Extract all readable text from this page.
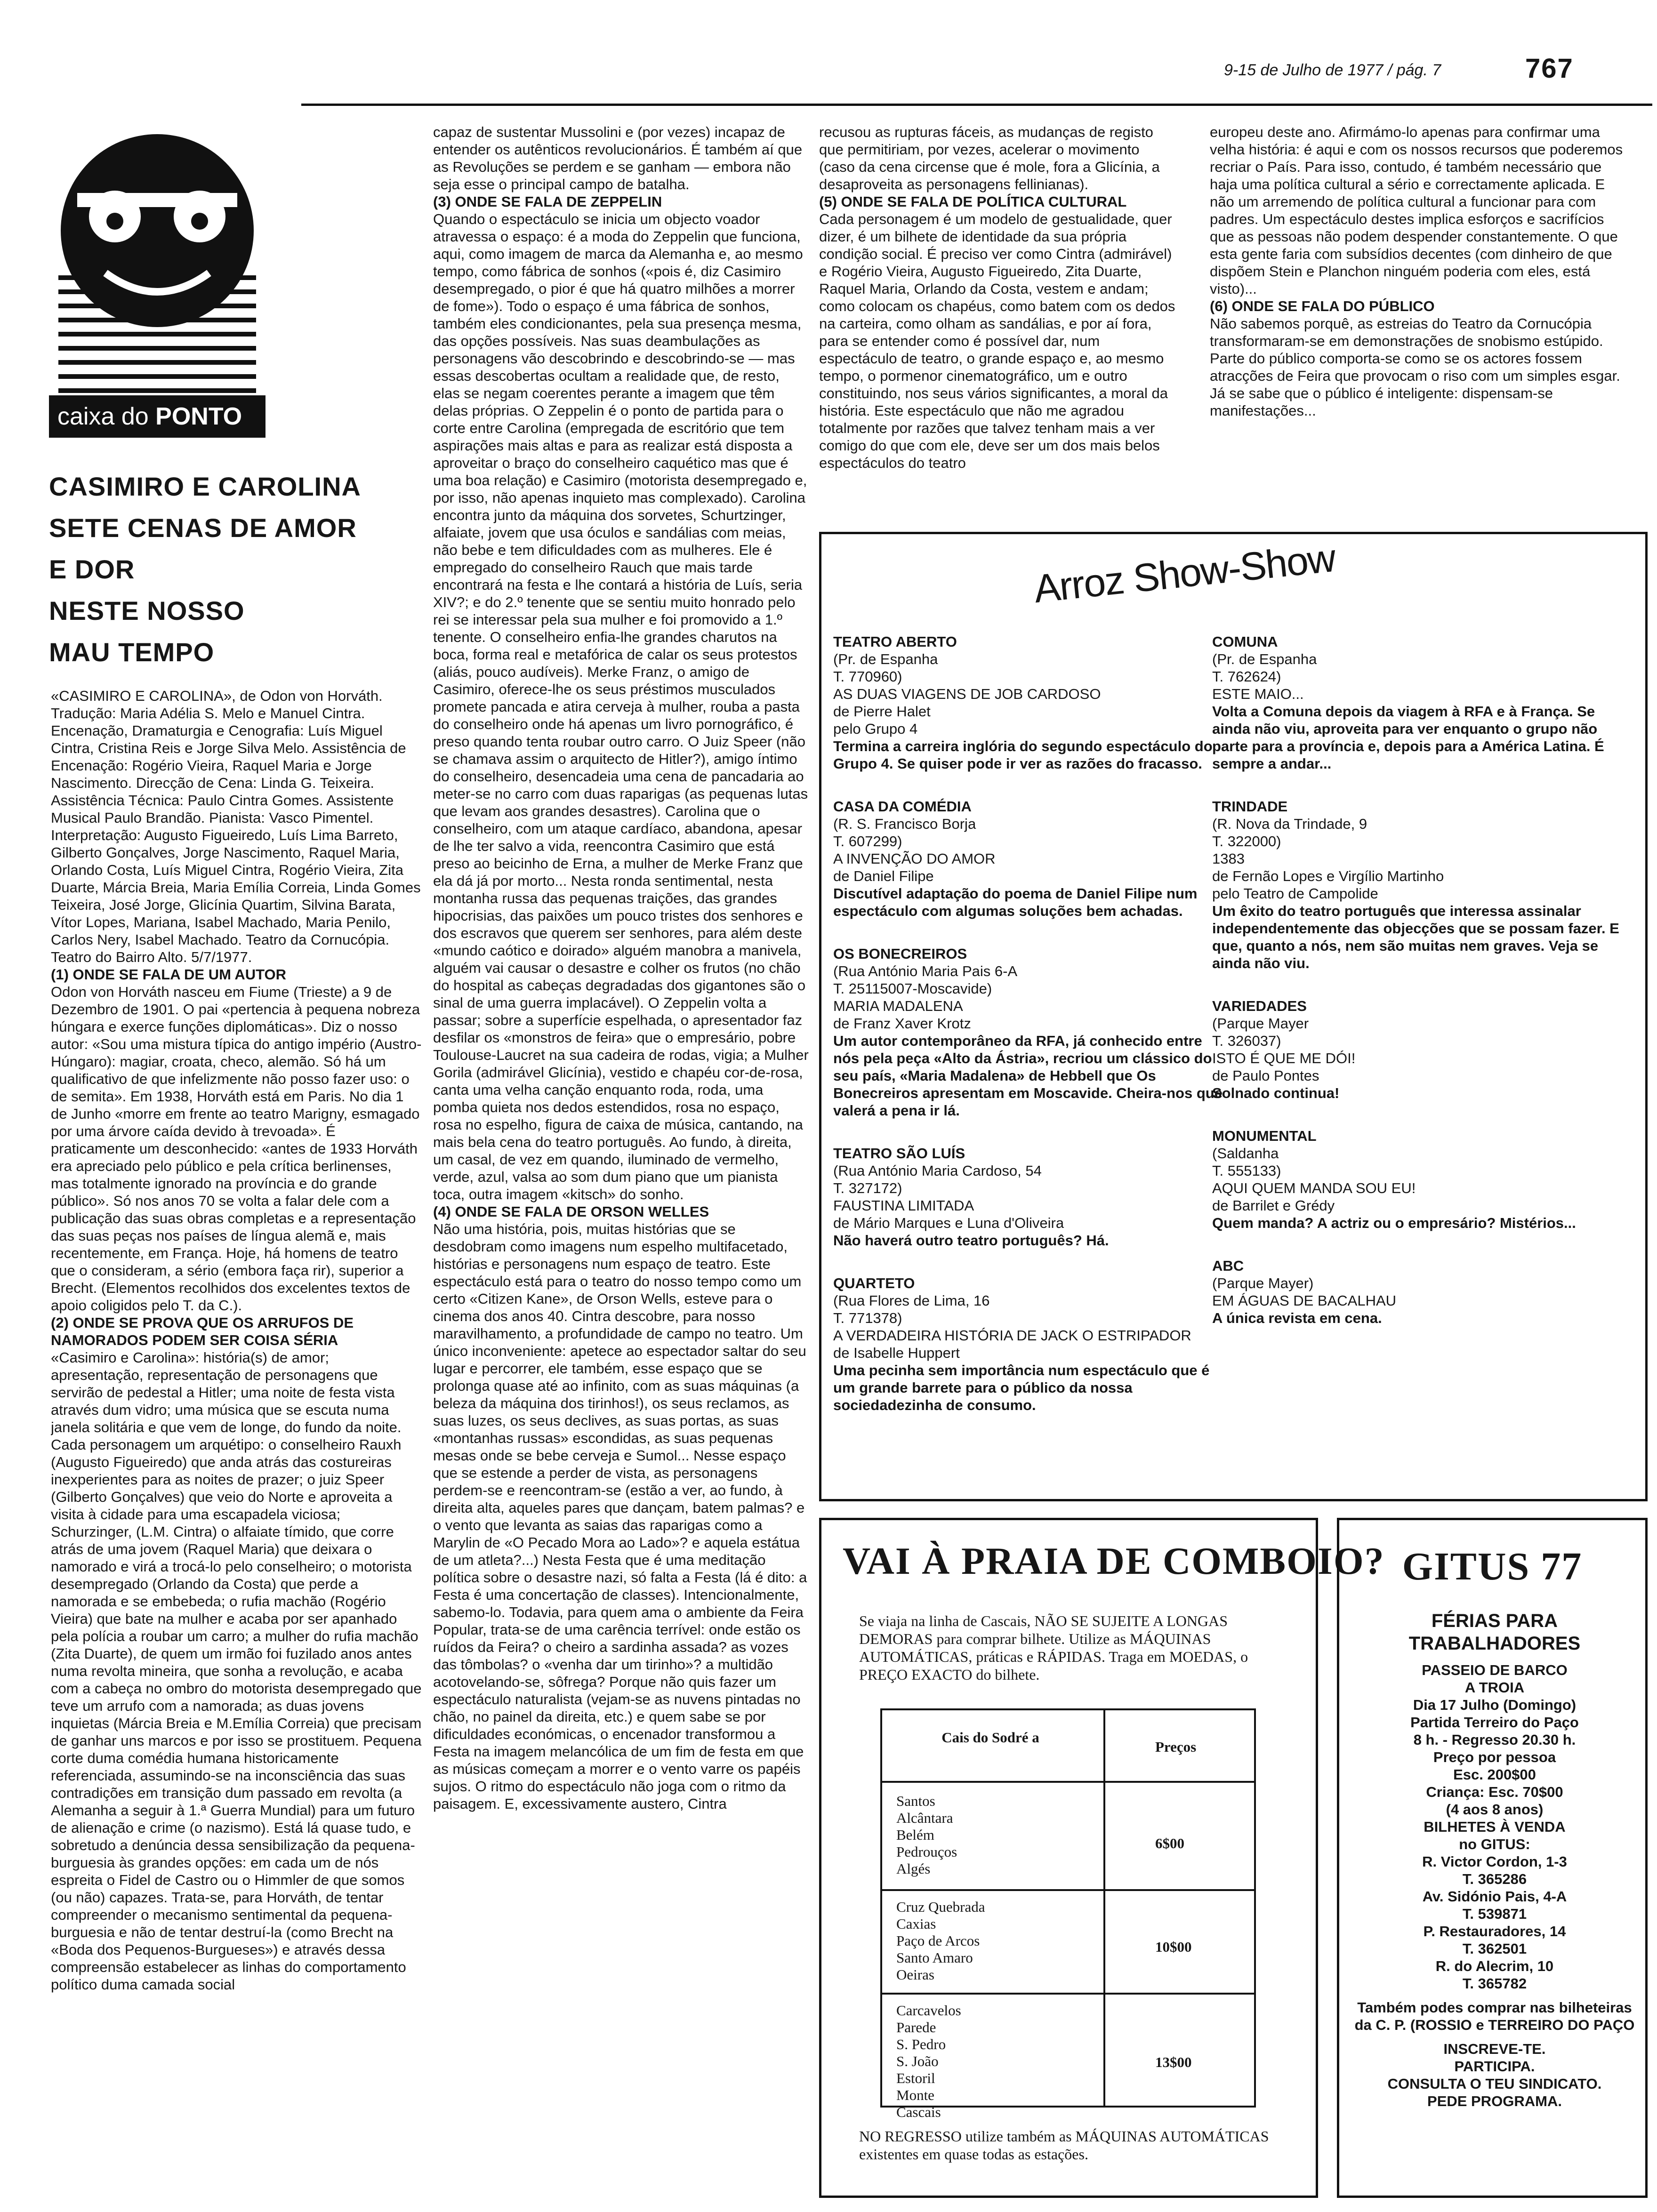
9-15 de Julho de 1977 / pág. 7	767
caixa do PONTO
CASIMIRO E CAROLINA
SETE CENAS DE AMOR
E DOR
NESTE NOSSO
MAU TEMPO

«CASIMIRO E CAROLINA», de Odon von Horváth. Tradução: Maria Adélia S. Melo e Manuel Cintra. Encenação, Dramaturgia e Cenografia: Luís Miguel Cintra, Cristina Reis e Jorge Silva Melo. Assistência de Encenação: Rogério Vieira, Raquel Maria e Jorge Nascimento. Direcção de Cena: Linda G. Teixeira. Assistência Técnica: Paulo Cintra Gomes. Assistente Musical Paulo Brandão. Pianista: Vasco Pimentel. Interpretação: Augusto Figueiredo, Luís Lima Barreto, Gilberto Gonçalves, Jorge Nascimento, Raquel Maria, Orlando Costa, Luís Miguel Cintra, Rogério Vieira, Zita Duarte, Márcia Breia, Maria Emília Correia, Linda Gomes Teixeira, José Jorge, Glicínia Quartim, Silvina Barata, Vítor Lopes, Mariana, Isabel Machado, Maria Penilo, Carlos Nery, Isabel Machado. Teatro da Cornucópia. Teatro do Bairro Alto. 5/7/1977.

(1) ONDE SE FALA DE UM AUTOR

Odon von Horváth nasceu em Fiume (Trieste) a 9 de Dezembro de 1901. O pai «pertencia à pequena nobreza húngara e exerce funções diplomáticas». Diz o nosso autor: «Sou uma mistura típica do antigo império (Austro-Húngaro): magiar, croata, checo, alemão. Só há um qualificativo de que infelizmente não posso fazer uso: o de semita». Em 1938, Horváth está em Paris. No dia 1 de Junho «morre em frente ao teatro Marigny, esmagado por uma árvore caída devido à trevoada». É praticamente um desconhecido: «antes de 1933 Horváth era apreciado pelo público e pela crítica berlinenses, mas totalmente ignorado na província e do grande público». Só nos anos 70 se volta a falar dele com a publicação das suas obras completas e a representação das suas peças nos países de língua alemã e, mais recentemente, em França. Hoje, há homens de teatro que o consideram, a sério (embora faça rir), superior a Brecht. (Elementos recolhidos dos excelentes textos de apoio coligidos pelo T. da C.).

(2) ONDE SE PROVA QUE OS ARRUFOS DE NAMORADOS PODEM SER COISA SÉRIA

«Casimiro e Carolina»: história(s) de amor; apresentação, representação de personagens que servirão de pedestal a Hitler; uma noite de festa vista através dum vidro; uma música que se escuta numa janela solitária e que vem de longe, do fundo da noite. Cada personagem um arquétipo: o conselheiro Rauxh (Augusto Figueiredo) que anda atrás das costureiras inexperientes para as noites de prazer; o juiz Speer (Gilberto Gonçalves) que veio do Norte e aproveita a visita à cidade para uma escapadela viciosa; Schurzinger, (L.M. Cintra) o alfaiate tímido, que corre atrás de uma jovem (Raquel Maria) que deixara o namorado e virá a trocá-lo pelo conselheiro; o motorista desempregado (Orlando da Costa) que perde a namorada e se embebeda; o rufia machão (Rogério Vieira) que bate na mulher e acaba por ser apanhado pela polícia a roubar um carro; a mulher do rufia machão (Zita Duarte), de quem um irmão foi fuzilado anos antes numa revolta mineira, que sonha a revolução, e acaba com a cabeça no ombro do motorista desempregado que teve um arrufo com a namorada; as duas jovens inquietas (Márcia Breia e M.Emília Correia) que precisam de ganhar uns marcos e por isso se prostituem. Pequena corte duma comédia humana historicamente referenciada, assumindo-se na inconsciência das suas contradições em transição dum passado em revolta (a Alemanha a seguir à 1.ª Guerra Mundial) para um futuro de alienação e crime (o nazismo). Está lá quase tudo, e sobretudo a denúncia dessa sensibilização da pequena-burguesia às grandes opções: em cada um de nós espreita o Fidel de Castro ou o Himmler de que somos (ou não) capazes. Trata-se, para Horváth, de tentar compreender o mecanismo sentimental da pequena-burguesia e não de tentar destruí-la (como Brecht na «Boda dos Pequenos-Burgueses») e através dessa compreensão estabelecer as linhas do comportamento político duma camada social

capaz de sustentar Mussolini e (por vezes) incapaz de entender os autênticos revolucionários. É também aí que as Revoluções se perdem e se ganham — embora não seja esse o principal campo de batalha.

(3) ONDE SE FALA DE ZEPPELIN

Quando o espectáculo se inicia um objecto voador atravessa o espaço: é a moda do Zeppelin que funciona, aqui, como imagem de marca da Alemanha e, ao mesmo tempo, como fábrica de sonhos («pois é, diz Casimiro desempregado, o pior é que há quatro milhões a morrer de fome»). Todo o espaço é uma fábrica de sonhos, também eles condicionantes, pela sua presença mesma, das opções possíveis. Nas suas deambulações as personagens vão descobrindo e descobrindo-se — mas essas descobertas ocultam a realidade que, de resto, elas se negam coerentes perante a imagem que têm delas próprias. O Zeppelin é o ponto de partida para o corte entre Carolina (empregada de escritório que tem aspirações mais altas e para as realizar está disposta a aproveitar o braço do conselheiro caquético mas que é uma boa relação) e Casimiro (motorista desempregado e, por isso, não apenas inquieto mas complexado). Carolina encontra junto da máquina dos sorvetes, Schurtzinger, alfaiate, jovem que usa óculos e sandálias com meias, não bebe e tem dificuldades com as mulheres. Ele é empregado do conselheiro Rauch que mais tarde encontrará na festa e lhe contará a história de Luís, seria XIV?; e do 2.º tenente que se sentiu muito honrado pelo rei se interessar pela sua mulher e foi promovido a 1.º tenente. O conselheiro enfia-lhe grandes charutos na boca, forma real e metafórica de calar os seus protestos (aliás, pouco audíveis). Merke Franz, o amigo de Casimiro, oferece-lhe os seus préstimos musculados promete pancada e atira cerveja à mulher, rouba a pasta do conselheiro onde há apenas um livro pornográfico, é preso quando tenta roubar outro carro. O Juiz Speer (não se chamava assim o arquitecto de Hitler?), amigo íntimo do conselheiro, desencadeia uma cena de pancadaria ao meter-se no carro com duas raparigas (as pequenas lutas que levam aos grandes desastres). Carolina que o conselheiro, com um ataque cardíaco, abandona, apesar de lhe ter salvo a vida, reencontra Casimiro que está preso ao beicinho de Erna, a mulher de Merke Franz que ela dá já por morto... Nesta ronda sentimental, nesta montanha russa das pequenas traições, das grandes hipocrisias, das paixões um pouco tristes dos senhores e dos escravos que querem ser senhores, para além deste «mundo caótico e doirado» alguém manobra a manivela, alguém vai causar o desastre e colher os frutos (no chão do hospital as cabeças degradadas dos gigantones são o sinal de uma guerra implacável). O Zeppelin volta a passar; sobre a superfície espelhada, o apresentador faz desfilar os «monstros de feira» que o empresário, pobre Toulouse-Laucret na sua cadeira de rodas, vigia; a Mulher Gorila (admirável Glicínia), vestido e chapéu cor-de-rosa, canta uma velha canção enquanto roda, roda, uma pomba quieta nos dedos estendidos, rosa no espaço, rosa no espelho, figura de caixa de música, cantando, na mais bela cena do teatro português. Ao fundo, à direita, um casal, de vez em quando, iluminado de vermelho, verde, azul, valsa ao som dum piano que um pianista toca, outra imagem «kitsch» do sonho.

(4) ONDE SE FALA DE ORSON WELLES

Não uma história, pois, muitas histórias que se desdobram como imagens num espelho multifacetado, histórias e personagens num espaço de teatro. Este espectáculo está para o teatro do nosso tempo como um certo «Citizen Kane», de Orson Wells, esteve para o cinema dos anos 40. Cintra descobre, para nosso maravilhamento, a profundidade de campo no teatro. Um único inconveniente: apetece ao espectador saltar do seu lugar e percorrer, ele também, esse espaço que se prolonga quase até ao infinito, com as suas máquinas (a beleza da máquina dos tirinhos!), os seus reclamos, as suas luzes, os seus declives, as suas portas, as suas «montanhas russas» escondidas, as suas pequenas mesas onde se bebe cerveja e Sumol... Nesse espaço que se estende a perder de vista, as personagens perdem-se e reencontram-se (estão a ver, ao fundo, à direita alta, aqueles pares que dançam, batem palmas? e o vento que levanta as saias das raparigas como a Marylin de «O Pecado Mora ao Lado»? e aquela estátua de um atleta?...) Nesta Festa que é uma meditação política sobre o desastre nazi, só falta a Festa (lá é dito: a Festa é uma concertação de classes). Intencionalmente, sabemo-lo. Todavia, para quem ama o ambiente da Feira Popular, trata-se de uma carência terrível: onde estão os ruídos da Feira? o cheiro a sardinha assada? as vozes das tômbolas? o «venha dar um tirinho»? a multidão acotovelando-se, sôfrega? Porque não quis fazer um espectáculo naturalista (vejam-se as nuvens pintadas no chão, no painel da direita, etc.) e quem sabe se por dificuldades económicas, o encenador transformou a Festa na imagem melancólica de um fim de festa em que as músicas começam a morrer e o vento varre os papéis sujos. O ritmo do espectáculo não joga com o ritmo da paisagem. E, excessivamente austero, Cintra

recusou as rupturas fáceis, as mudanças de registo que permitiriam, por vezes, acelerar o movimento (caso da cena circense que é mole, fora a Glicínia, a desaproveita as personagens fellinianas).

(5) ONDE SE FALA DE POLÍTICA CULTURAL

Cada personagem é um modelo de gestualidade, quer dizer, é um bilhete de identidade da sua própria condição social. É preciso ver como Cintra (admirável) e Rogério Vieira, Augusto Figueiredo, Zita Duarte, Raquel Maria, Orlando da Costa, vestem e andam; como colocam os chapéus, como batem com os dedos na carteira, como olham as sandálias, e por aí fora, para se entender como é possível dar, num espectáculo de teatro, o grande espaço e, ao mesmo tempo, o pormenor cinematográfico, um e outro constituindo, nos seus vários significantes, a moral da história. Este espectáculo que não me agradou totalmente por razões que talvez tenham mais a ver comigo do que com ele, deve ser um dos mais belos espectáculos do teatro

europeu deste ano. Afirmámo-lo apenas para confirmar uma velha história: é aqui e com os nossos recursos que poderemos recriar o País. Para isso, contudo, é também necessário que haja uma política cultural a sério e correctamente aplicada. E não um arremendo de política cultural a funcionar para com padres. Um espectáculo destes implica esforços e sacrifícios que as pessoas não podem despender constantemente. O que esta gente faria com subsídios decentes (com dinheiro de que dispõem Stein e Planchon ninguém poderia com eles, está visto)...

(6) ONDE SE FALA DO PÚBLICO

Não sabemos porquê, as estreias do Teatro da Cornucópia transformaram-se em demonstrações de snobismo estúpido. Parte do público comporta-se como se os actores fossem atracções de Feira que provocam o riso com um simples esgar. Já se sabe que o público é inteligente: dispensam-se manifestações...

Arroz Show-Show
TEATRO ABERTO
(Pr. de Espanha
T. 770960)
AS DUAS VIAGENS DE JOB CARDOSO
de Pierre Halet
pelo Grupo 4
Termina a carreira inglória do segundo espectáculo do Grupo 4. Se quiser pode ir ver as razões do fracasso.
CASA DA COMÉDIA
(R. S. Francisco Borja
T. 607299)
A INVENÇÃO DO AMOR
de Daniel Filipe
Discutível adaptação do poema de Daniel Filipe num espectáculo com algumas soluções bem achadas.
OS BONECREIROS
(Rua António Maria Pais 6-A
T. 25115007-Moscavide)
MARIA MADALENA
de Franz Xaver Krotz
Um autor contemporâneo da RFA, já conhecido entre nós pela peça «Alto da Ástria», recriou um clássico do seu país, «Maria Madalena» de Hebbell que Os Bonecreiros apresentam em Moscavide. Cheira-nos que valerá a pena ir lá.
TEATRO SÃO LUÍS
(Rua António Maria Cardoso, 54
T. 327172)
FAUSTINA LIMITADA
de Mário Marques e Luna d'Oliveira
Não haverá outro teatro português? Há.
QUARTETO
(Rua Flores de Lima, 16
T. 771378)
A VERDADEIRA HISTÓRIA DE JACK O ESTRIPADOR
de Isabelle Huppert
Uma pecinha sem importância num espectáculo que é um grande barrete para o público da nossa sociedadezinha de consumo.
COMUNA
(Pr. de Espanha
T. 762624)
ESTE MAIO...
Volta a Comuna depois da viagem à RFA e à França. Se ainda não viu, aproveita para ver enquanto o grupo não parte para a província e, depois para a América Latina. É sempre a andar...
TRINDADE
(R. Nova da Trindade, 9
T. 322000)
1383
de Fernão Lopes e Virgílio Martinho
pelo Teatro de Campolide
Um êxito do teatro português que interessa assinalar independentemente das objecções que se possam fazer. E que, quanto a nós, nem são muitas nem graves. Veja se ainda não viu.
VARIEDADES
(Parque Mayer
T. 326037)
ISTO É QUE ME DÓI!
de Paulo Pontes
Solnado continua!
MONUMENTAL
(Saldanha
T. 555133)
AQUI QUEM MANDA SOU EU!
de Barrilet e Grédy
Quem manda? A actriz ou o empresário? Mistérios...
ABC
(Parque Mayer)
EM ÁGUAS DE BACALHAU
A única revista em cena.
VAI À PRAIA DE COMBOIO?
Se viaja na linha de Cascais, NÃO SE SUJEITE A LONGAS DEMORAS para comprar bilhete. Utilize as MÁQUINAS AUTOMÁTICAS, práticas e RÁPIDAS. Traga em MOEDAS, o PREÇO EXACTO do bilhete.
Cais do Sodré a
Preços
Santos
Alcântara
Belém
Pedrouços
Algés
6$00
Cruz Quebrada
Caxias
Paço de Arcos
Santo Amaro
Oeiras
10$00
Carcavelos
Parede
S. Pedro
S. João
Estoril
Monte
Cascais
13$00
NO REGRESSO utilize também as MÁQUINAS AUTOMÁTICAS existentes em quase todas as estações.
GITUS 77
FÉRIAS PARA
TRABALHADORES
PASSEIO DE BARCO
A TROIA
Dia 17 Julho (Domingo)
Partida Terreiro do Paço
8 h. - Regresso 20.30 h.
Preço por pessoa
Esc. 200$00
Criança: Esc. 70$00
(4 aos 8 anos)
BILHETES À VENDA
no GITUS:
R. Victor Cordon, 1-3
T. 365286
Av. Sidónio Pais, 4-A
T. 539871
P. Restauradores, 14
T. 362501
R. do Alecrim, 10
T. 365782
Também podes comprar nas bilheteiras da C. P. (ROSSIO e TERREIRO DO PAÇO
INSCREVE-TE.
PARTICIPA.
CONSULTA O TEU SINDICATO.
PEDE PROGRAMA.
